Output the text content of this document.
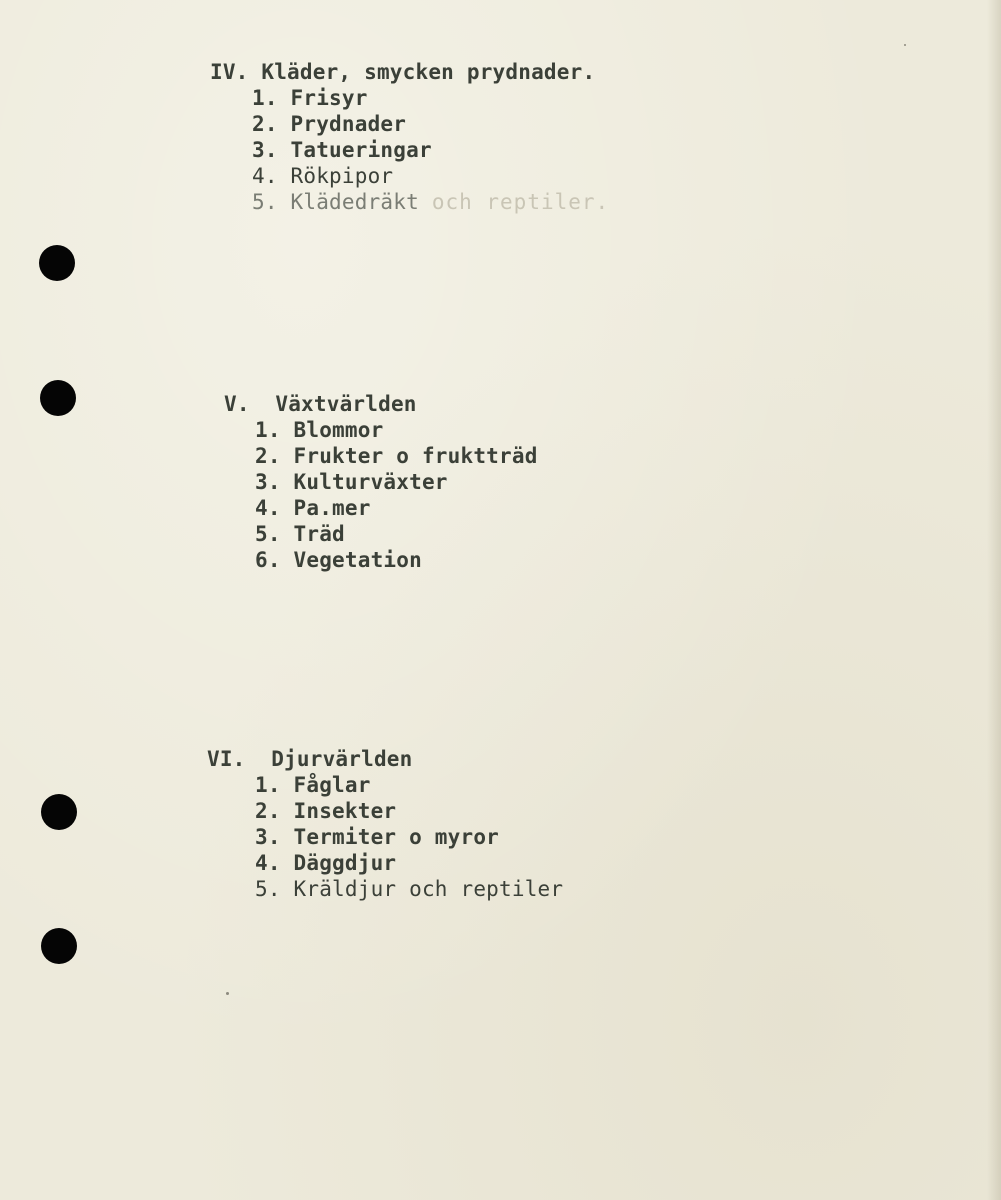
IV. Kläder, smycken prydnader.
1. Frisyr
2. Prydnader
3. Tatueringar
4. Rökpipor
5. Klädedräkt och reptiler.
V.  Växtvärlden
1. Blommor
2. Frukter o fruktträd
3. Kulturväxter
4. Pa.mer
5. Träd
6. Vegetation
VI.  Djurvärlden
1. Fåglar
2. Insekter
3. Termiter o myror
4. Däggdjur
5. Kräldjur och reptiler
